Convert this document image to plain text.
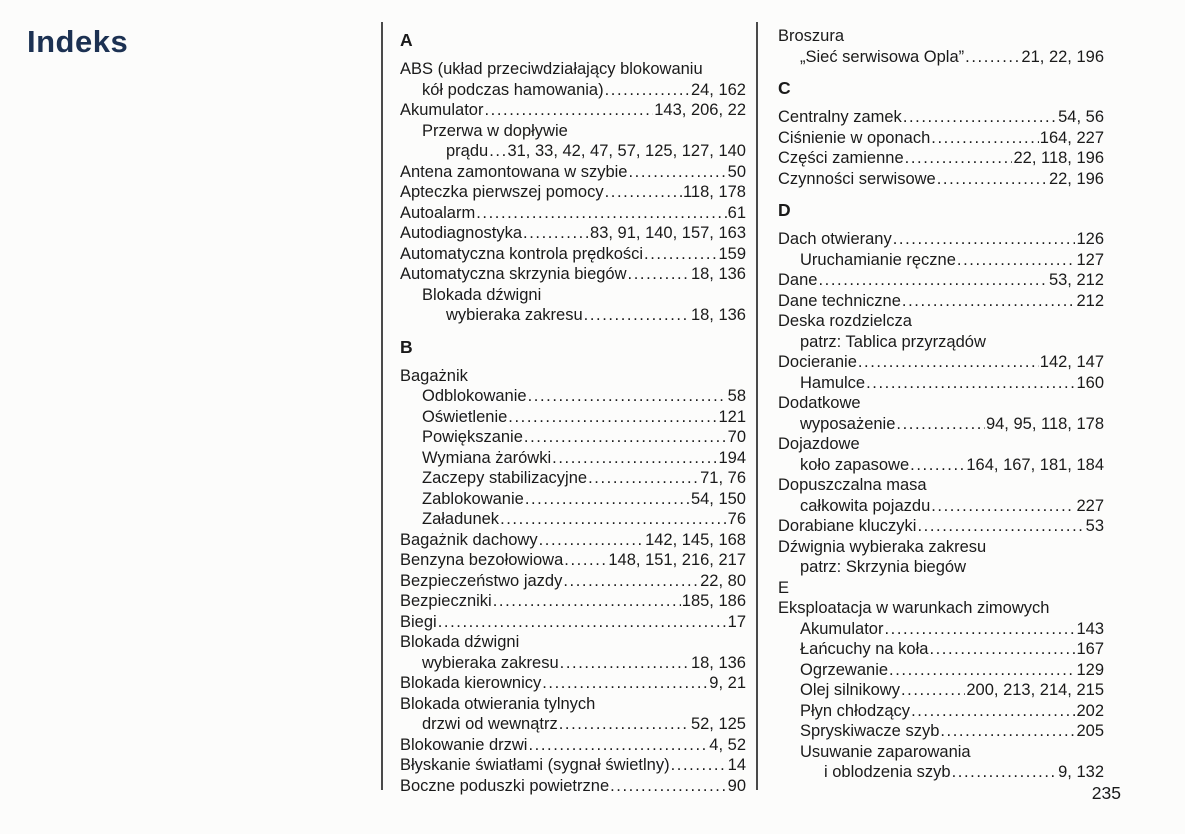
Indeks	A
ABS (układ przeciwdziałający blokowaniu
kół podczas hamowania) .....	24, 162
Akumulator .....	143, 206, 22
Przerwa w dopływie
prądu ..... 31, 33, 42, 47, 57, 125, 127, 140
Antena zamontowana w szybie .....	50
Apteczka pierwszej pomocy .....	118, 178
Autoalarm .....	61
Autodiagnostyka .....	83, 91, 140, 157, 163
Automatyczna kontrola prędkości .....	159
Automatyczna skrzynia biegów .....	18, 136
Blokada dźwigni
wybieraka zakresu .....	18, 136
B
Bagażnik
Odblokowanie .....	58
Oświetlenie .....	121
Powiększanie .....	70
Wymiana żarówki .....	194
Zaczepy stabilizacyjne .....	71, 76
Zablokowanie .....	54, 150
Załadunek .....	76
Bagażnik dachowy .....	142, 145, 168
Benzyna bezołowiowa .....	148, 151, 216, 217
Bezpieczeństwo jazdy .....	22, 80
Bezpieczniki .....	185, 186
Biegi .....	17
Blokada dźwigni
wybieraka zakresu .....	18, 136
Blokada kierownicy .....	9, 21
Blokada otwierania tylnych
drzwi od wewnątrz .....	52, 125
Blokowanie drzwi .....	4, 52
Błyskanie światłami (sygnał świetlny) .....	14
Boczne poduszki powietrzne .....	90
Broszura
„Sieć serwisowa Opla” .....	21, 22, 196
C
Centralny zamek .....	54, 56
Ciśnienie w oponach .....	164, 227
Części zamienne .....	22, 118, 196
Czynności serwisowe .....	22, 196
D
Dach otwierany .....	126
Uruchamianie ręczne .....	127
Dane .....	53, 212
Dane techniczne .....	212
Deska rozdzielcza
patrz: Tablica przyrządów
Docieranie .....	142, 147
Hamulce .....	160
Dodatkowe
wyposażenie .....	94, 95, 118, 178
Dojazdowe
koło zapasowe .....	164, 167, 181, 184
Dopuszczalna masa
całkowita pojazdu .....	227
Dorabiane kluczyki .....	53
Dźwignia wybieraka zakresu
patrz: Skrzynia biegów
E
Eksploatacja w warunkach zimowych
Akumulator .....	143
Łańcuchy na koła .....	167
Ogrzewanie .....	129
Olej silnikowy .....	200, 213, 214, 215
Płyn chłodzący .....	202
Spryskiwacze szyb .....	205
Usuwanie zaparowania
i oblodzenia szyb .....	9, 132
235
